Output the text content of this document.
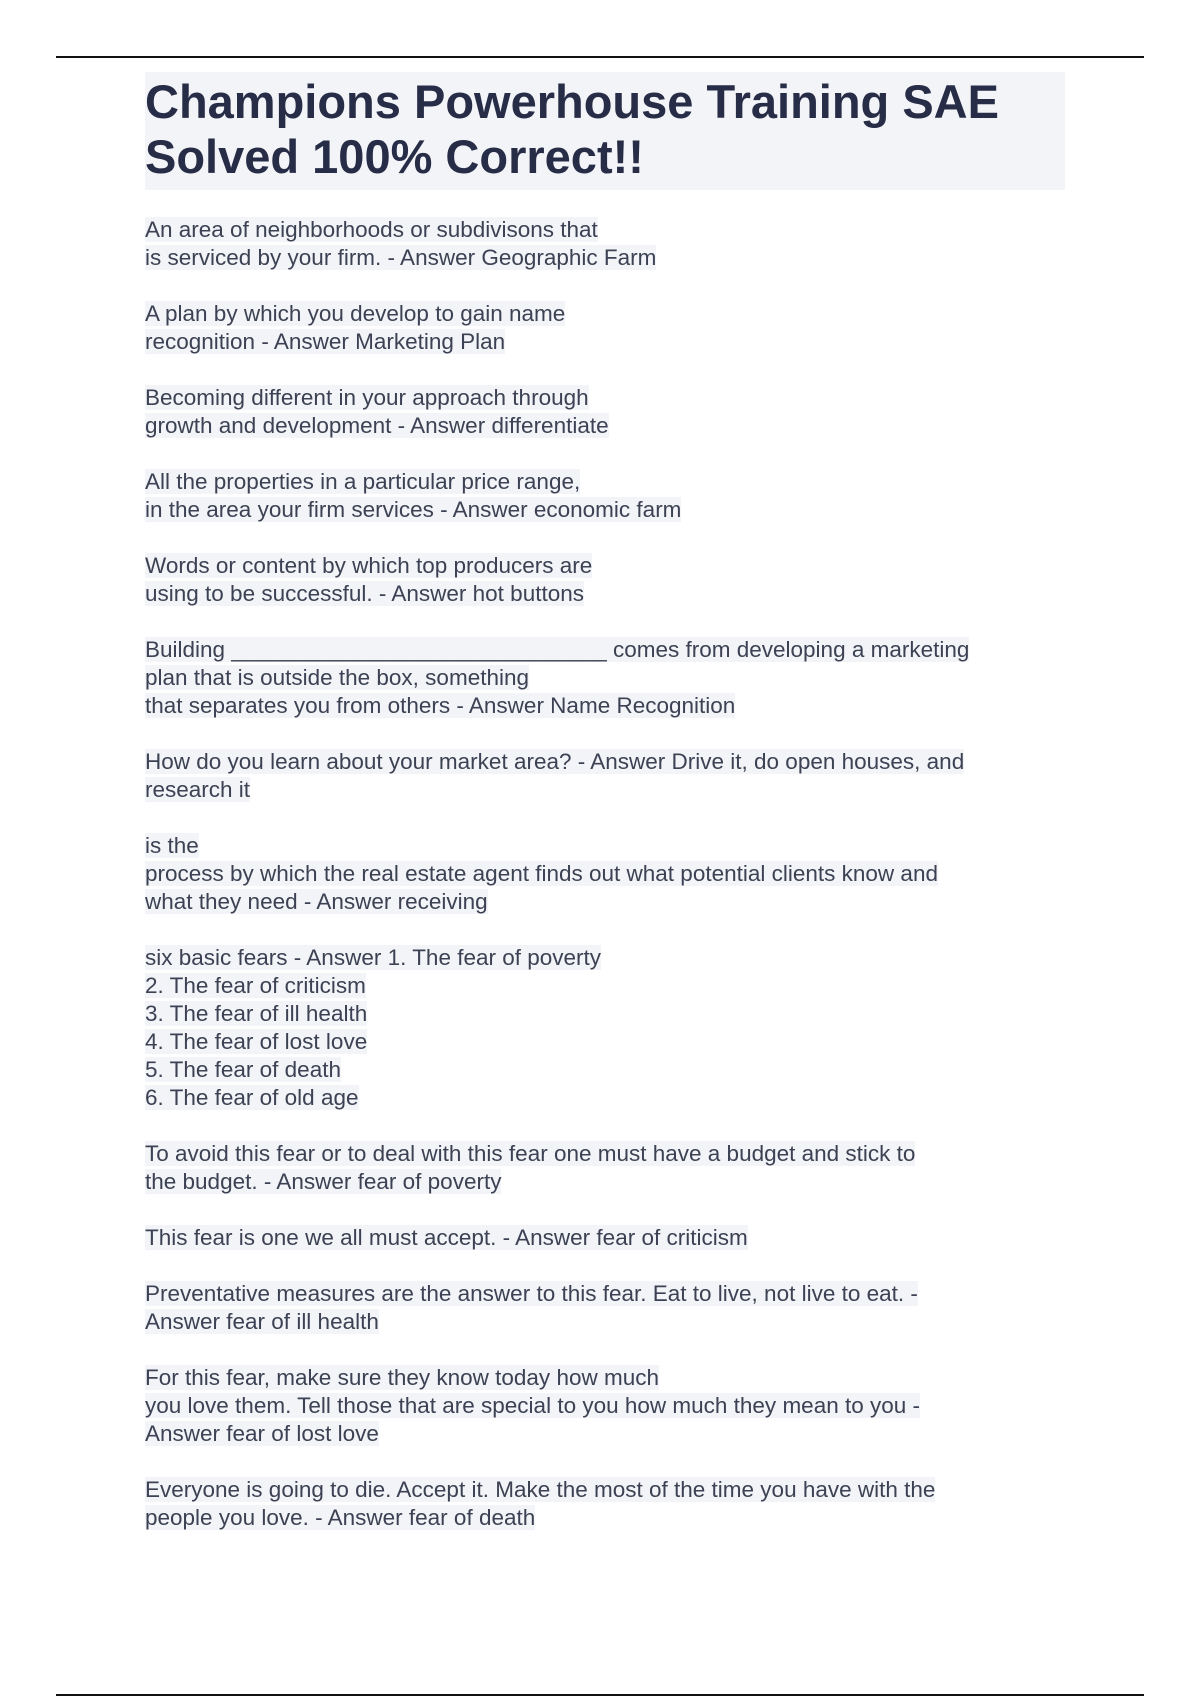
Champions Powerhouse Training SAE
Solved 100% Correct!!
An area of neighborhoods or subdivisons that
is serviced by your firm. - Answer Geographic Farm
A plan by which you develop to gain name
recognition - Answer Marketing Plan
Becoming different in your approach through
growth and development - Answer differentiate
All the properties in a particular price range,
in the area your firm services - Answer economic farm
Words or content by which top producers are
using to be successful. - Answer hot buttons
Building ______________________________ comes from developing a marketing
plan that is outside the box, something
that separates you from others - Answer Name Recognition
How do you learn about your market area? - Answer Drive it, do open houses, and
research it
is the
process by which the real estate agent finds out what potential clients know and
what they need - Answer receiving
six basic fears - Answer 1. The fear of poverty
2. The fear of criticism
3. The fear of ill health
4. The fear of lost love
5. The fear of death
6. The fear of old age
To avoid this fear or to deal with this fear one must have a budget and stick to
the budget. - Answer fear of poverty
This fear is one we all must accept. - Answer fear of criticism
Preventative measures are the answer to this fear. Eat to live, not live to eat. -
Answer fear of ill health
For this fear, make sure they know today how much
you love them. Tell those that are special to you how much they mean to you -
Answer fear of lost love
Everyone is going to die. Accept it. Make the most of the time you have with the
people you love. - Answer fear of death
